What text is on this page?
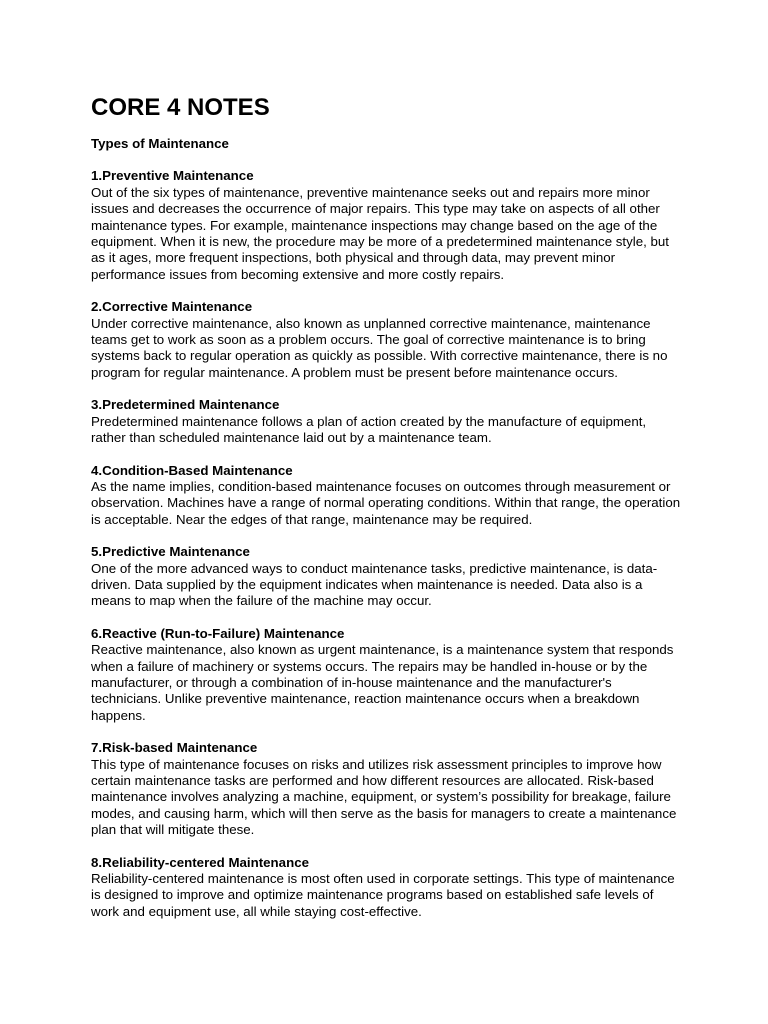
CORE 4 NOTES

Types of Maintenance

1.Preventive Maintenance

Out of the six types of maintenance, preventive maintenance seeks out and repairs more minor issues and decreases the occurrence of major repairs. This type may take on aspects of all other maintenance types. For example, maintenance inspections may change based on the age of the equipment. When it is new, the procedure may be more of a predetermined maintenance style, but as it ages, more frequent inspections, both physical and through data, may prevent minor performance issues from becoming extensive and more costly repairs.

2.Corrective Maintenance

Under corrective maintenance, also known as unplanned corrective maintenance, maintenance teams get to work as soon as a problem occurs. The goal of corrective maintenance is to bring systems back to regular operation as quickly as possible. With corrective maintenance, there is no program for regular maintenance. A problem must be present before maintenance occurs.

3.Predetermined Maintenance

Predetermined maintenance follows a plan of action created by the manufacture of equipment, rather than scheduled maintenance laid out by a maintenance team.

4.Condition-Based Maintenance

As the name implies, condition-based maintenance focuses on outcomes through measurement or observation. Machines have a range of normal operating conditions. Within that range, the operation is acceptable. Near the edges of that range, maintenance may be required.

5.Predictive Maintenance

One of the more advanced ways to conduct maintenance tasks, predictive maintenance, is data-driven. Data supplied by the equipment indicates when maintenance is needed. Data also is a means to map when the failure of the machine may occur.

6.Reactive (Run-to-Failure) Maintenance

Reactive maintenance, also known as urgent maintenance, is a maintenance system that responds when a failure of machinery or systems occurs. The repairs may be handled in-house or by the manufacturer, or through a combination of in-house maintenance and the manufacturer's technicians. Unlike preventive maintenance, reaction maintenance occurs when a breakdown happens.

7.Risk-based Maintenance

This type of maintenance focuses on risks and utilizes risk assessment principles to improve how certain maintenance tasks are performed and how different resources are allocated. Risk-based maintenance involves analyzing a machine, equipment, or system’s possibility for breakage, failure modes, and causing harm, which will then serve as the basis for managers to create a maintenance plan that will mitigate these.

8.Reliability-centered Maintenance

Reliability-centered maintenance is most often used in corporate settings. This type of maintenance is designed to improve and optimize maintenance programs based on established safe levels of work and equipment use, all while staying cost-effective.
